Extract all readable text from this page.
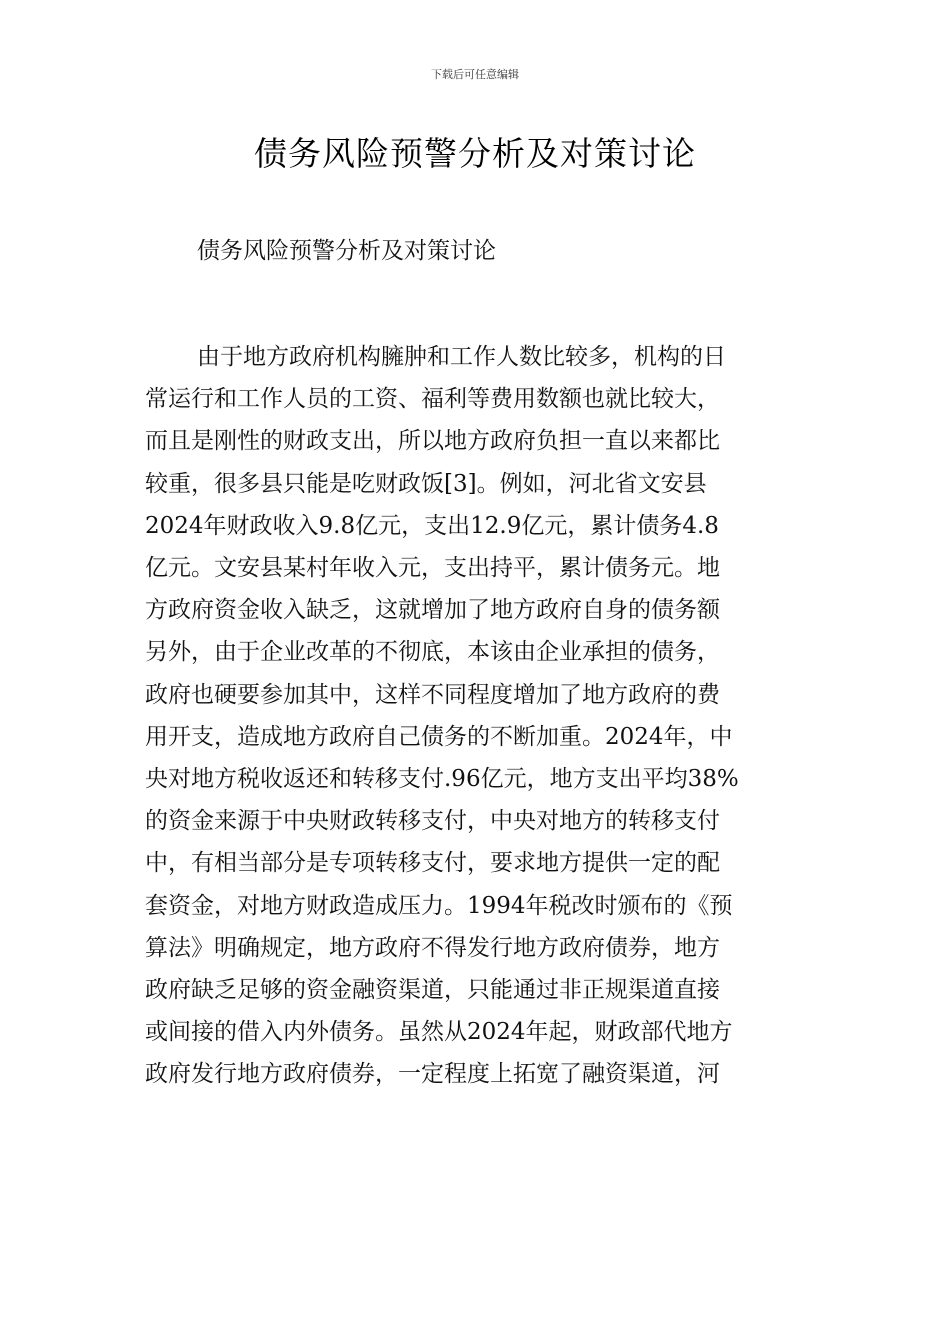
下载后可任意编辑
债务风险预警分析及对策讨论
债务风险预警分析及对策讨论
由于地方政府机构臃肿和工作人数比较多，机构的日
常运行和工作人员的工资、福利等费用数额也就比较大，
而且是刚性的财政支出，所以地方政府负担一直以来都比
较重，很多县只能是吃财政饭[3]。例如，河北省文安县
2024年财政收入9.8亿元，支出12.9亿元，累计债务4.8
亿元。文安县某村年收入元，支出持平，累计债务元。地
方政府资金收入缺乏，这就增加了地方政府自身的债务额
另外，由于企业改革的不彻底，本该由企业承担的债务，
政府也硬要参加其中，这样不同程度增加了地方政府的费
用开支，造成地方政府自己债务的不断加重。2024年，中
央对地方税收返还和转移支付.96亿元，地方支出平均38%
的资金来源于中央财政转移支付，中央对地方的转移支付
中，有相当部分是专项转移支付，要求地方提供一定的配
套资金，对地方财政造成压力。1994年税改时颁布的《预
算法》明确规定，地方政府不得发行地方政府债券，地方
政府缺乏足够的资金融资渠道，只能通过非正规渠道直接
或间接的借入内外债务。虽然从2024年起，财政部代地方
政府发行地方政府债券，一定程度上拓宽了融资渠道，河
